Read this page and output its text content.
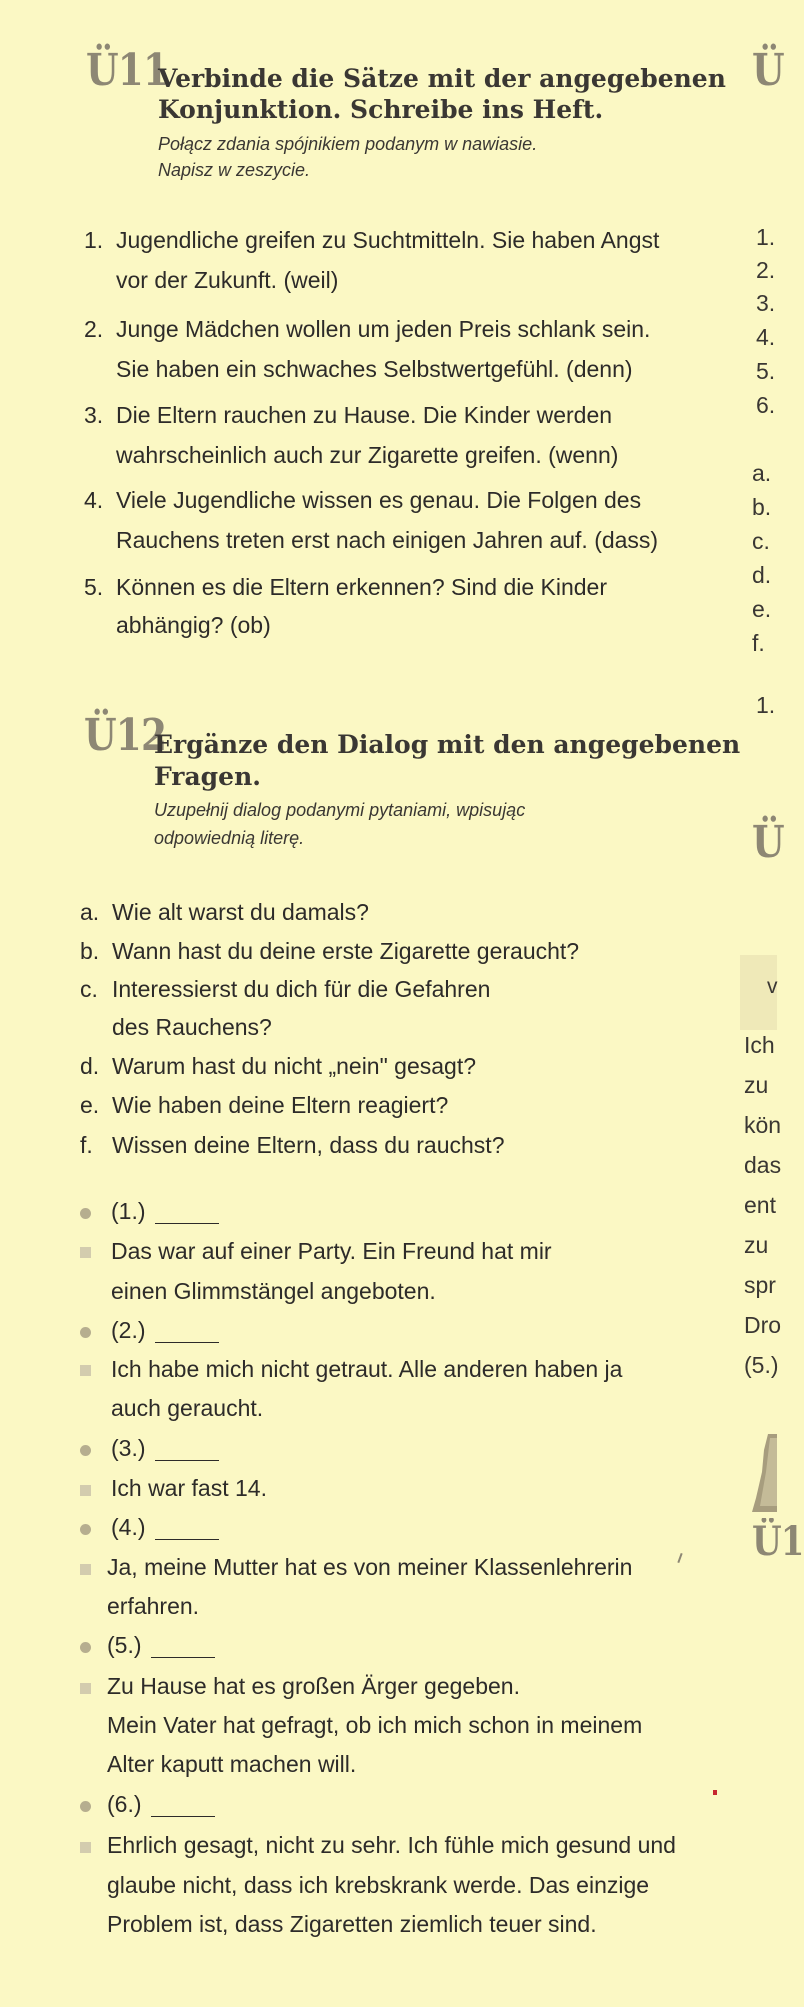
Ü11
Verbinde die Sätze mit der angegebenen
Konjunktion. Schreibe ins Heft.
Połącz zdania spójnikiem podanym w nawiasie.
Napisz w zeszycie.
1. Jugendliche greifen zu Suchtmitteln. Sie haben Angst
vor der Zukunft. (weil)
2. Junge Mädchen wollen um jeden Preis schlank sein.
Sie haben ein schwaches Selbstwertgefühl. (denn)
3. Die Eltern rauchen zu Hause. Die Kinder werden
wahrscheinlich auch zur Zigarette greifen. (wenn)
4. Viele Jugendliche wissen es genau. Die Folgen des
Rauchens treten erst nach einigen Jahren auf. (dass)
5. Können es die Eltern erkennen? Sind die Kinder
abhängig? (ob)
Ü12
Ergänze den Dialog mit den angegebenen
Fragen.
Uzupełnij dialog podanymi pytaniami, wpisując
odpowiednią literę.
a. Wie alt warst du damals?
b. Wann hast du deine erste Zigarette geraucht?
c. Interessierst du dich für die Gefahren
des Rauchens?
d. Warum hast du nicht „nein" gesagt?
e. Wie haben deine Eltern reagiert?
f. Wissen deine Eltern, dass du rauchst?
(1.)
Das war auf einer Party. Ein Freund hat mir
einen Glimmstängel angeboten.
(2.)
Ich habe mich nicht getraut. Alle anderen haben ja
auch geraucht.
(3.)
Ich war fast 14.
(4.)
Ja, meine Mutter hat es von meiner Klassenlehrerin
erfahren.
(5.)
Zu Hause hat es großen Ärger gegeben.
Mein Vater hat gefragt, ob ich mich schon in meinem
Alter kaputt machen will.
(6.)
Ehrlich gesagt, nicht zu sehr. Ich fühle mich gesund und
glaube nicht, dass ich krebskrank werde. Das einzige
Problem ist, dass Zigaretten ziemlich teuer sind.
Ü
1.
2.
3.
4.
5.
6.
a.
b.
c.
d.
e.
f.
1.
Ü
v
Ich
zu
kön
das
ent
zu
spr
Dro
(5.)
Ü1
